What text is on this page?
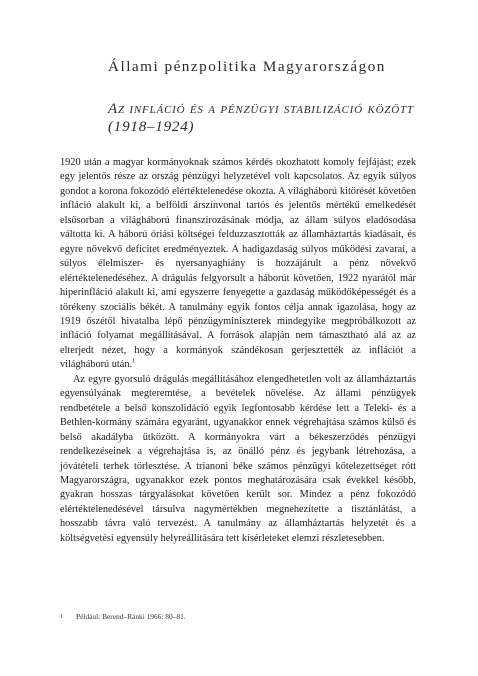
Állami pénzpolitika Magyarországon
Az infláció és a pénzügyi stabilizáció között (1918–1924)

1920 után a magyar kormányoknak számos kérdés okozhatott komoly fejfájást; ezek egy jelentős része az ország pénzügyi helyzetével volt kapcsolatos. Az egyik súlyos gondot a korona fokozódó elértéktelenedése okozta. A világháború kitörését követően infláció alakult ki, a belföldi árszínvonal tartós és jelentős mértékű emelkedését elsősorban a világháború finanszírozásának módja, az állam súlyos eladósodása váltotta ki. A háború óriási költségei felduzzasztották az államháztartás kiadásait, és egyre növekvő deficitet eredményeztek. A hadigazdaság súlyos működési zavarai, a súlyos élelmiszer- és nyersanyaghiány is hozzájárult a pénz növekvő elértéktelenedéséhez. A drágulás felgyorsult a háborút követően, 1922 nyarától már hiperinfláció alakult ki, ami egyszerre fenyegette a gazdaság működőképességét és a törékeny szociális békét. A tanulmány egyik fontos célja annak igazolása, hogy az 1919 őszétől hivatalba lépő pénzügyminiszterek mindegyike megpróbálkozott az infláció folyamat megállításával. A források alapján nem támasztható alá az az elterjedt nézet, hogy a kormányok szándékosan gerjesztették az inflációt a világháború után.$^1$

Az egyre gyorsuló drágulás megállításához elengedhetetlen volt az államháztartás egyensúlyának megteremtése, a bevételek növelése. Az állami pénzügyek rendbetétele a belső konszolidáció egyik legfontosabb kérdése lett a Teleki- és a Bethlen-kormány számára egyaránt, ugyanakkor ennek végrehajtása számos külső és belső akadályba ütközött. A kormányokra várt a békeszerződés pénzügyi rendelkezéseinek a végrehajtása is, az önálló pénz és jegybank létrehozása, a jóvátételi terhek törlesztése. A trianoni béke számos pénzügyi kötelezettséget rótt Magyarországra, ugyanakkor ezek pontos meghatározására csak évekkel később, gyakran hosszas tárgyalásokat követően került sor. Mindez a pénz fokozódó elértéktelenedésével társulva nagymértékben megnehezítette a tisztánlátást, a hosszabb távra való tervezést. A tanulmány az államháztartás helyzetét és a költségvetési egyensúly helyreállítására tett kísérleteket elemzi részletesebben.

1 Például: Berend–Ránki 1966: 80–81.
